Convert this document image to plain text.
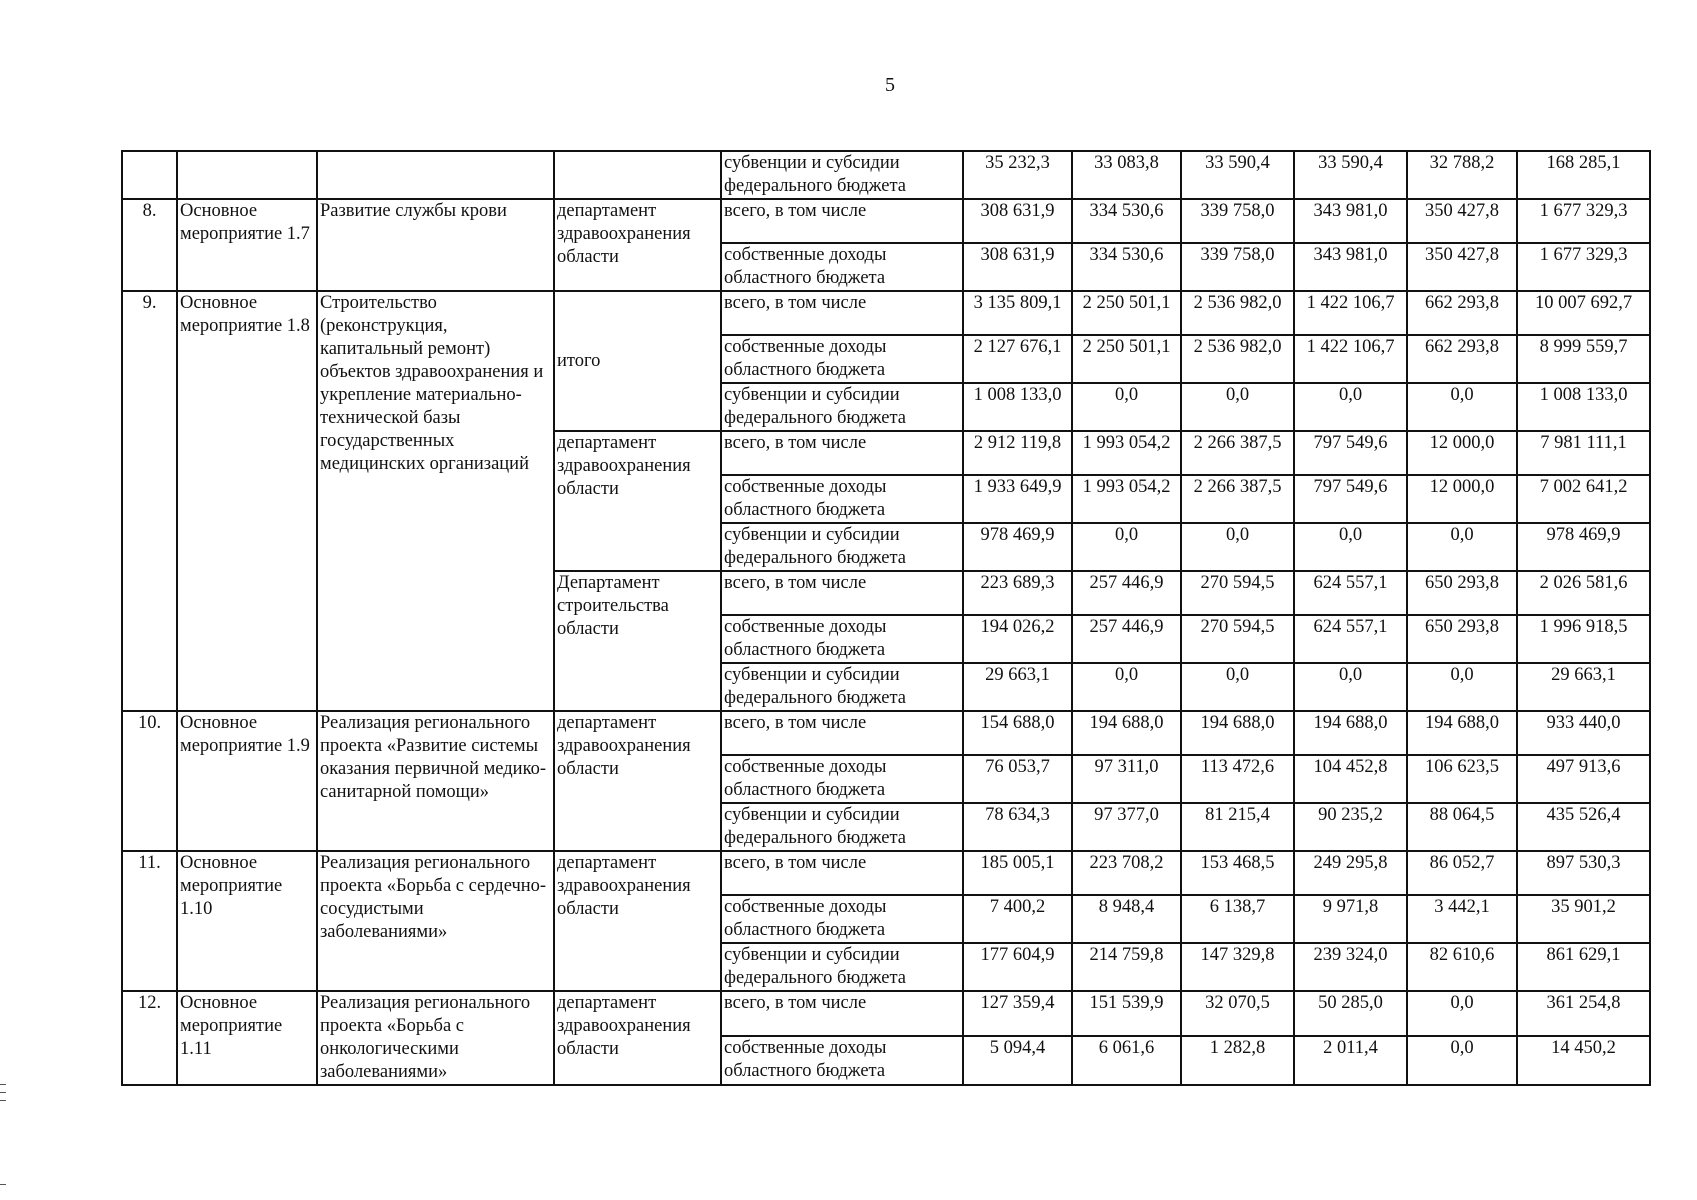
5
				субвенции и субсидии федерального бюджета	35 232,3	33 083,8	33 590,4	33 590,4	32 788,2	168 285,1
8.	Основное мероприятие 1.7	Развитие службы крови	департамент здравоохранения области	всего, в том числе	308 631,9	334 530,6	339 758,0	343 981,0	350 427,8	1 677 329,3
				собственные доходы областного бюджета	308 631,9	334 530,6	339 758,0	343 981,0	350 427,8	1 677 329,3
9.	Основное мероприятие 1.8	Строительство (реконструкция, капитальный ремонт) объектов здравоохранения и укрепление материально-технической базы государственных медицинских организаций	итого	всего, в том числе	3 135 809,1	2 250 501,1	2 536 982,0	1 422 106,7	662 293,8	10 007 692,7
				собственные доходы областного бюджета	2 127 676,1	2 250 501,1	2 536 982,0	1 422 106,7	662 293,8	8 999 559,7
				субвенции и субсидии федерального бюджета	1 008 133,0	0,0	0,0	0,0	0,0	1 008 133,0
			департамент здравоохранения области	всего, в том числе	2 912 119,8	1 993 054,2	2 266 387,5	797 549,6	12 000,0	7 981 111,1
				собственные доходы областного бюджета	1 933 649,9	1 993 054,2	2 266 387,5	797 549,6	12 000,0	7 002 641,2
				субвенции и субсидии федерального бюджета	978 469,9	0,0	0,0	0,0	0,0	978 469,9
			Департамент строительства области	всего, в том числе	223 689,3	257 446,9	270 594,5	624 557,1	650 293,8	2 026 581,6
				собственные доходы областного бюджета	194 026,2	257 446,9	270 594,5	624 557,1	650 293,8	1 996 918,5
				субвенции и субсидии федерального бюджета	29 663,1	0,0	0,0	0,0	0,0	29 663,1
10.	Основное мероприятие 1.9	Реализация регионального проекта «Развитие системы оказания первичной медико-санитарной помощи»	департамент здравоохранения области	всего, в том числе	154 688,0	194 688,0	194 688,0	194 688,0	194 688,0	933 440,0
				собственные доходы областного бюджета	76 053,7	97 311,0	113 472,6	104 452,8	106 623,5	497 913,6
				субвенции и субсидии федерального бюджета	78 634,3	97 377,0	81 215,4	90 235,2	88 064,5	435 526,4
11.	Основное мероприятие 1.10	Реализация регионального проекта «Борьба с сердечно-сосудистыми заболеваниями»	департамент здравоохранения области	всего, в том числе	185 005,1	223 708,2	153 468,5	249 295,8	86 052,7	897 530,3
				собственные доходы областного бюджета	7 400,2	8 948,4	6 138,7	9 971,8	3 442,1	35 901,2
				субвенции и субсидии федерального бюджета	177 604,9	214 759,8	147 329,8	239 324,0	82 610,6	861 629,1
12.	Основное мероприятие 1.11	Реализация регионального проекта «Борьба с онкологическими заболеваниями»	департамент здравоохранения области	всего, в том числе	127 359,4	151 539,9	32 070,5	50 285,0	0,0	361 254,8
				собственные доходы областного бюджета	5 094,4	6 061,6	1 282,8	2 011,4	0,0	14 450,2
